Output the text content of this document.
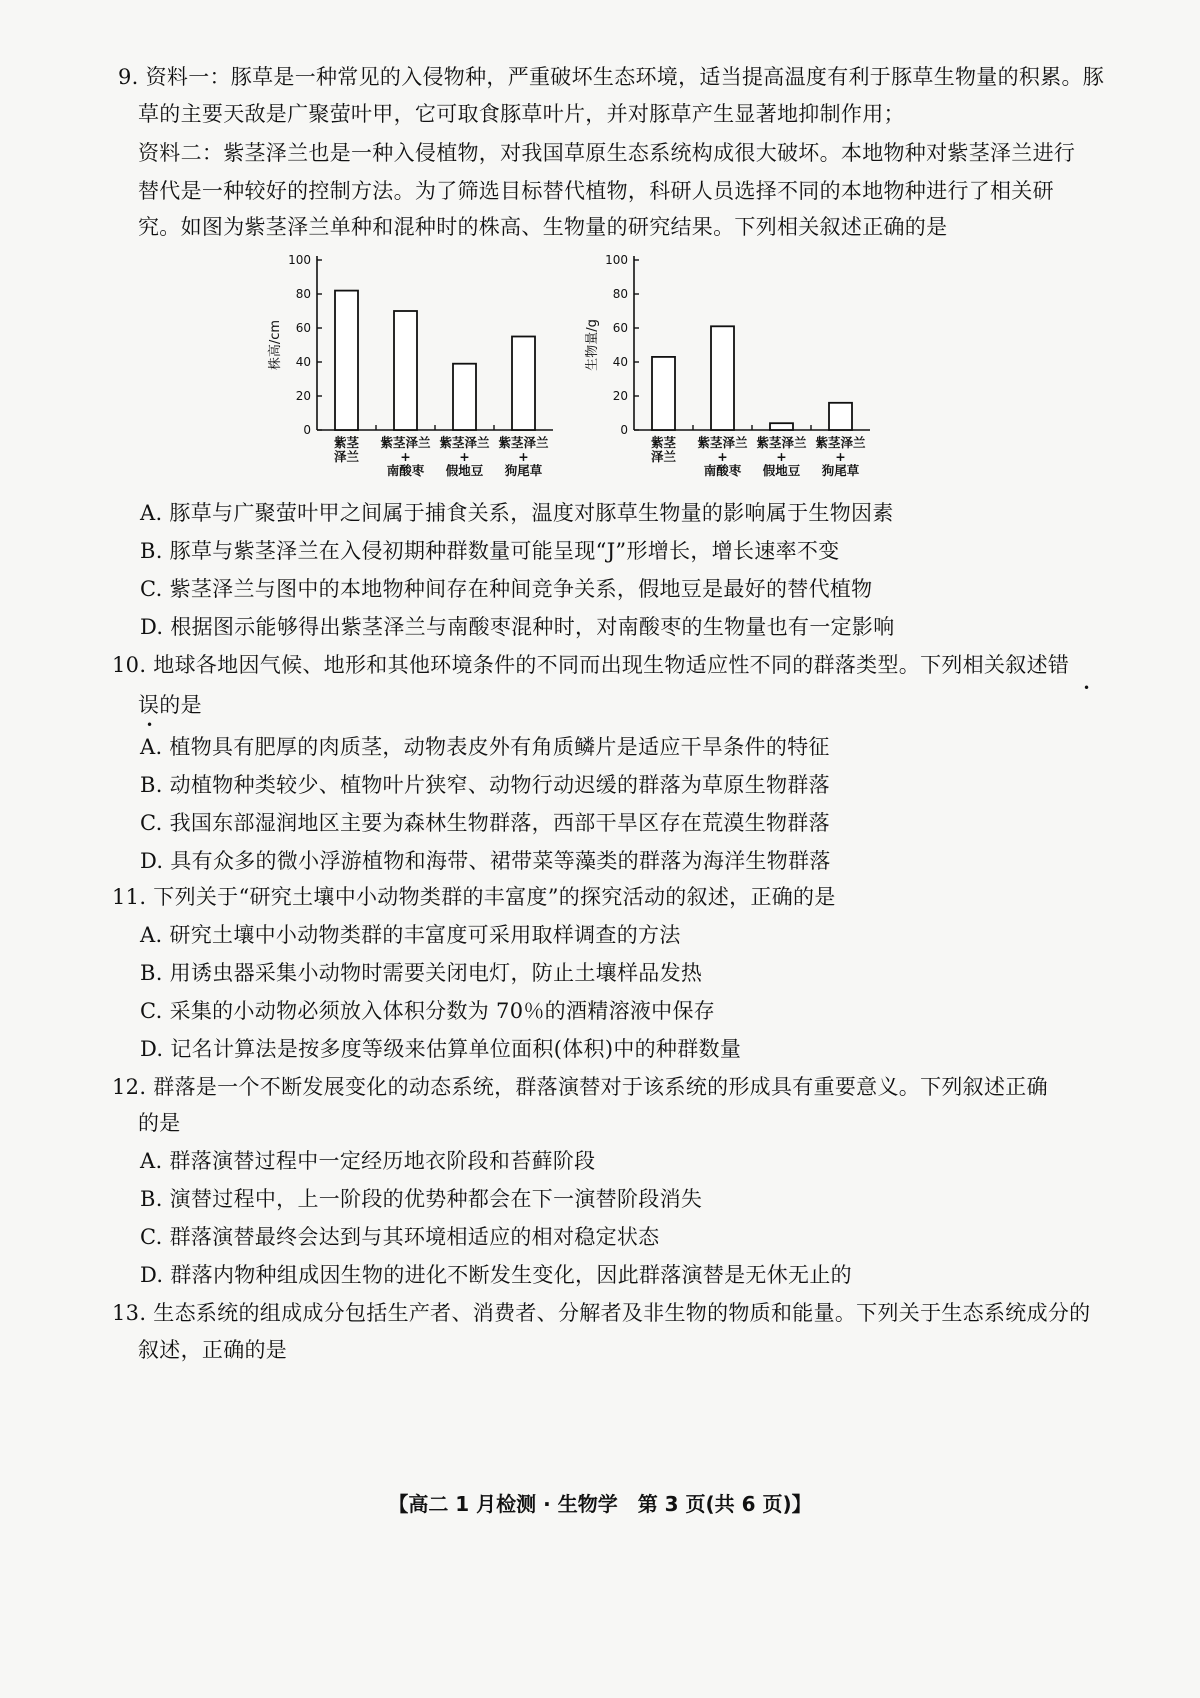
9. 资料一：豚草是一种常见的入侵物种，严重破坏生态环境，适当提高温度有利于豚草生物量的积累。豚
草的主要天敌是广聚萤叶甲，它可取食豚草叶片，并对豚草产生显著地抑制作用；
资料二：紫茎泽兰也是一种入侵植物，对我国草原生态系统构成很大破坏。本地物种对紫茎泽兰进行
替代是一种较好的控制方法。为了筛选目标替代植物，科研人员选择不同的本地物种进行了相关研
究。如图为紫茎泽兰单种和混种时的株高、生物量的研究结果。下列相关叙述正确的是
0
20
40
60
80
100
株高/cm
紫茎
泽兰
紫茎泽兰
+
南酸枣
紫茎泽兰
+
假地豆
紫茎泽兰
+
狗尾草
0
20
40
60
80
100
生物量/g
紫茎
泽兰
紫茎泽兰
+
南酸枣
紫茎泽兰
+
假地豆
紫茎泽兰
+
狗尾草
A. 豚草与广聚萤叶甲之间属于捕食关系，温度对豚草生物量的影响属于生物因素
B. 豚草与紫茎泽兰在入侵初期种群数量可能呈现“J”形增长，增长速率不变
C. 紫茎泽兰与图中的本地物种间存在种间竞争关系，假地豆是最好的替代植物
D. 根据图示能够得出紫茎泽兰与南酸枣混种时，对南酸枣的生物量也有一定影响
10. 地球各地因气候、地形和其他环境条件的不同而出现生物适应性不同的群落类型。下列相关叙述错
•
误的是
•
A. 植物具有肥厚的肉质茎，动物表皮外有角质鳞片是适应干旱条件的特征
B. 动植物种类较少、植物叶片狭窄、动物行动迟缓的群落为草原生物群落
C. 我国东部湿润地区主要为森林生物群落，西部干旱区存在荒漠生物群落
D. 具有众多的微小浮游植物和海带、裙带菜等藻类的群落为海洋生物群落
11. 下列关于“研究土壤中小动物类群的丰富度”的探究活动的叙述，正确的是
A. 研究土壤中小动物类群的丰富度可采用取样调查的方法
B. 用诱虫器采集小动物时需要关闭电灯，防止土壤样品发热
C. 采集的小动物必须放入体积分数为 70％的酒精溶液中保存
D. 记名计算法是按多度等级来估算单位面积(体积)中的种群数量
12. 群落是一个不断发展变化的动态系统，群落演替对于该系统的形成具有重要意义。下列叙述正确
的是
A. 群落演替过程中一定经历地衣阶段和苔藓阶段
B. 演替过程中，上一阶段的优势种都会在下一演替阶段消失
C. 群落演替最终会达到与其环境相适应的相对稳定状态
D. 群落内物种组成因生物的进化不断发生变化，因此群落演替是无休无止的
13. 生态系统的组成成分包括生产者、消费者、分解者及非生物的物质和能量。下列关于生态系统成分的
叙述，正确的是
【高二 1 月检测 · 生物学　第 3 页(共 6 页)】
